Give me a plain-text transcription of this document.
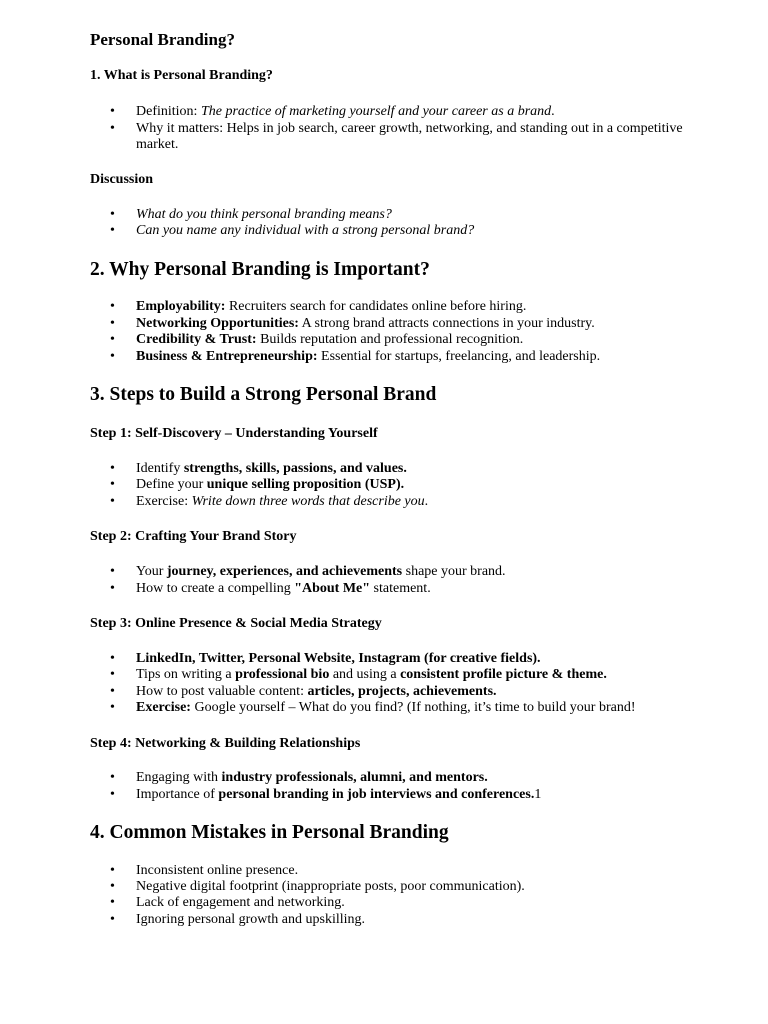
Personal Branding?
1. What is Personal Branding?
• Definition: The practice of marketing yourself and your career as a brand.
• Why it matters: Helps in job search, career growth, networking, and standing out in a competitive market.
Discussion
• What do you think personal branding means?
• Can you name any individual with a strong personal brand?
2. Why Personal Branding is Important?
• Employability: Recruiters search for candidates online before hiring.
• Networking Opportunities: A strong brand attracts connections in your industry.
• Credibility & Trust: Builds reputation and professional recognition.
• Business & Entrepreneurship: Essential for startups, freelancing, and leadership.
3. Steps to Build a Strong Personal Brand
Step 1: Self-Discovery – Understanding Yourself
• Identify strengths, skills, passions, and values.
• Define your unique selling proposition (USP).
• Exercise: Write down three words that describe you.
Step 2: Crafting Your Brand Story
• Your journey, experiences, and achievements shape your brand.
• How to create a compelling "About Me" statement.
Step 3: Online Presence & Social Media Strategy
• LinkedIn, Twitter, Personal Website, Instagram (for creative fields).
• Tips on writing a professional bio and using a consistent profile picture & theme.
• How to post valuable content: articles, projects, achievements.
• Exercise: Google yourself – What do you find? (If nothing, it’s time to build your brand!
Step 4: Networking & Building Relationships
• Engaging with industry professionals, alumni, and mentors.
• Importance of personal branding in job interviews and conferences.1
4. Common Mistakes in Personal Branding
• Inconsistent online presence.
• Negative digital footprint (inappropriate posts, poor communication).
• Lack of engagement and networking.
• Ignoring personal growth and upskilling.
